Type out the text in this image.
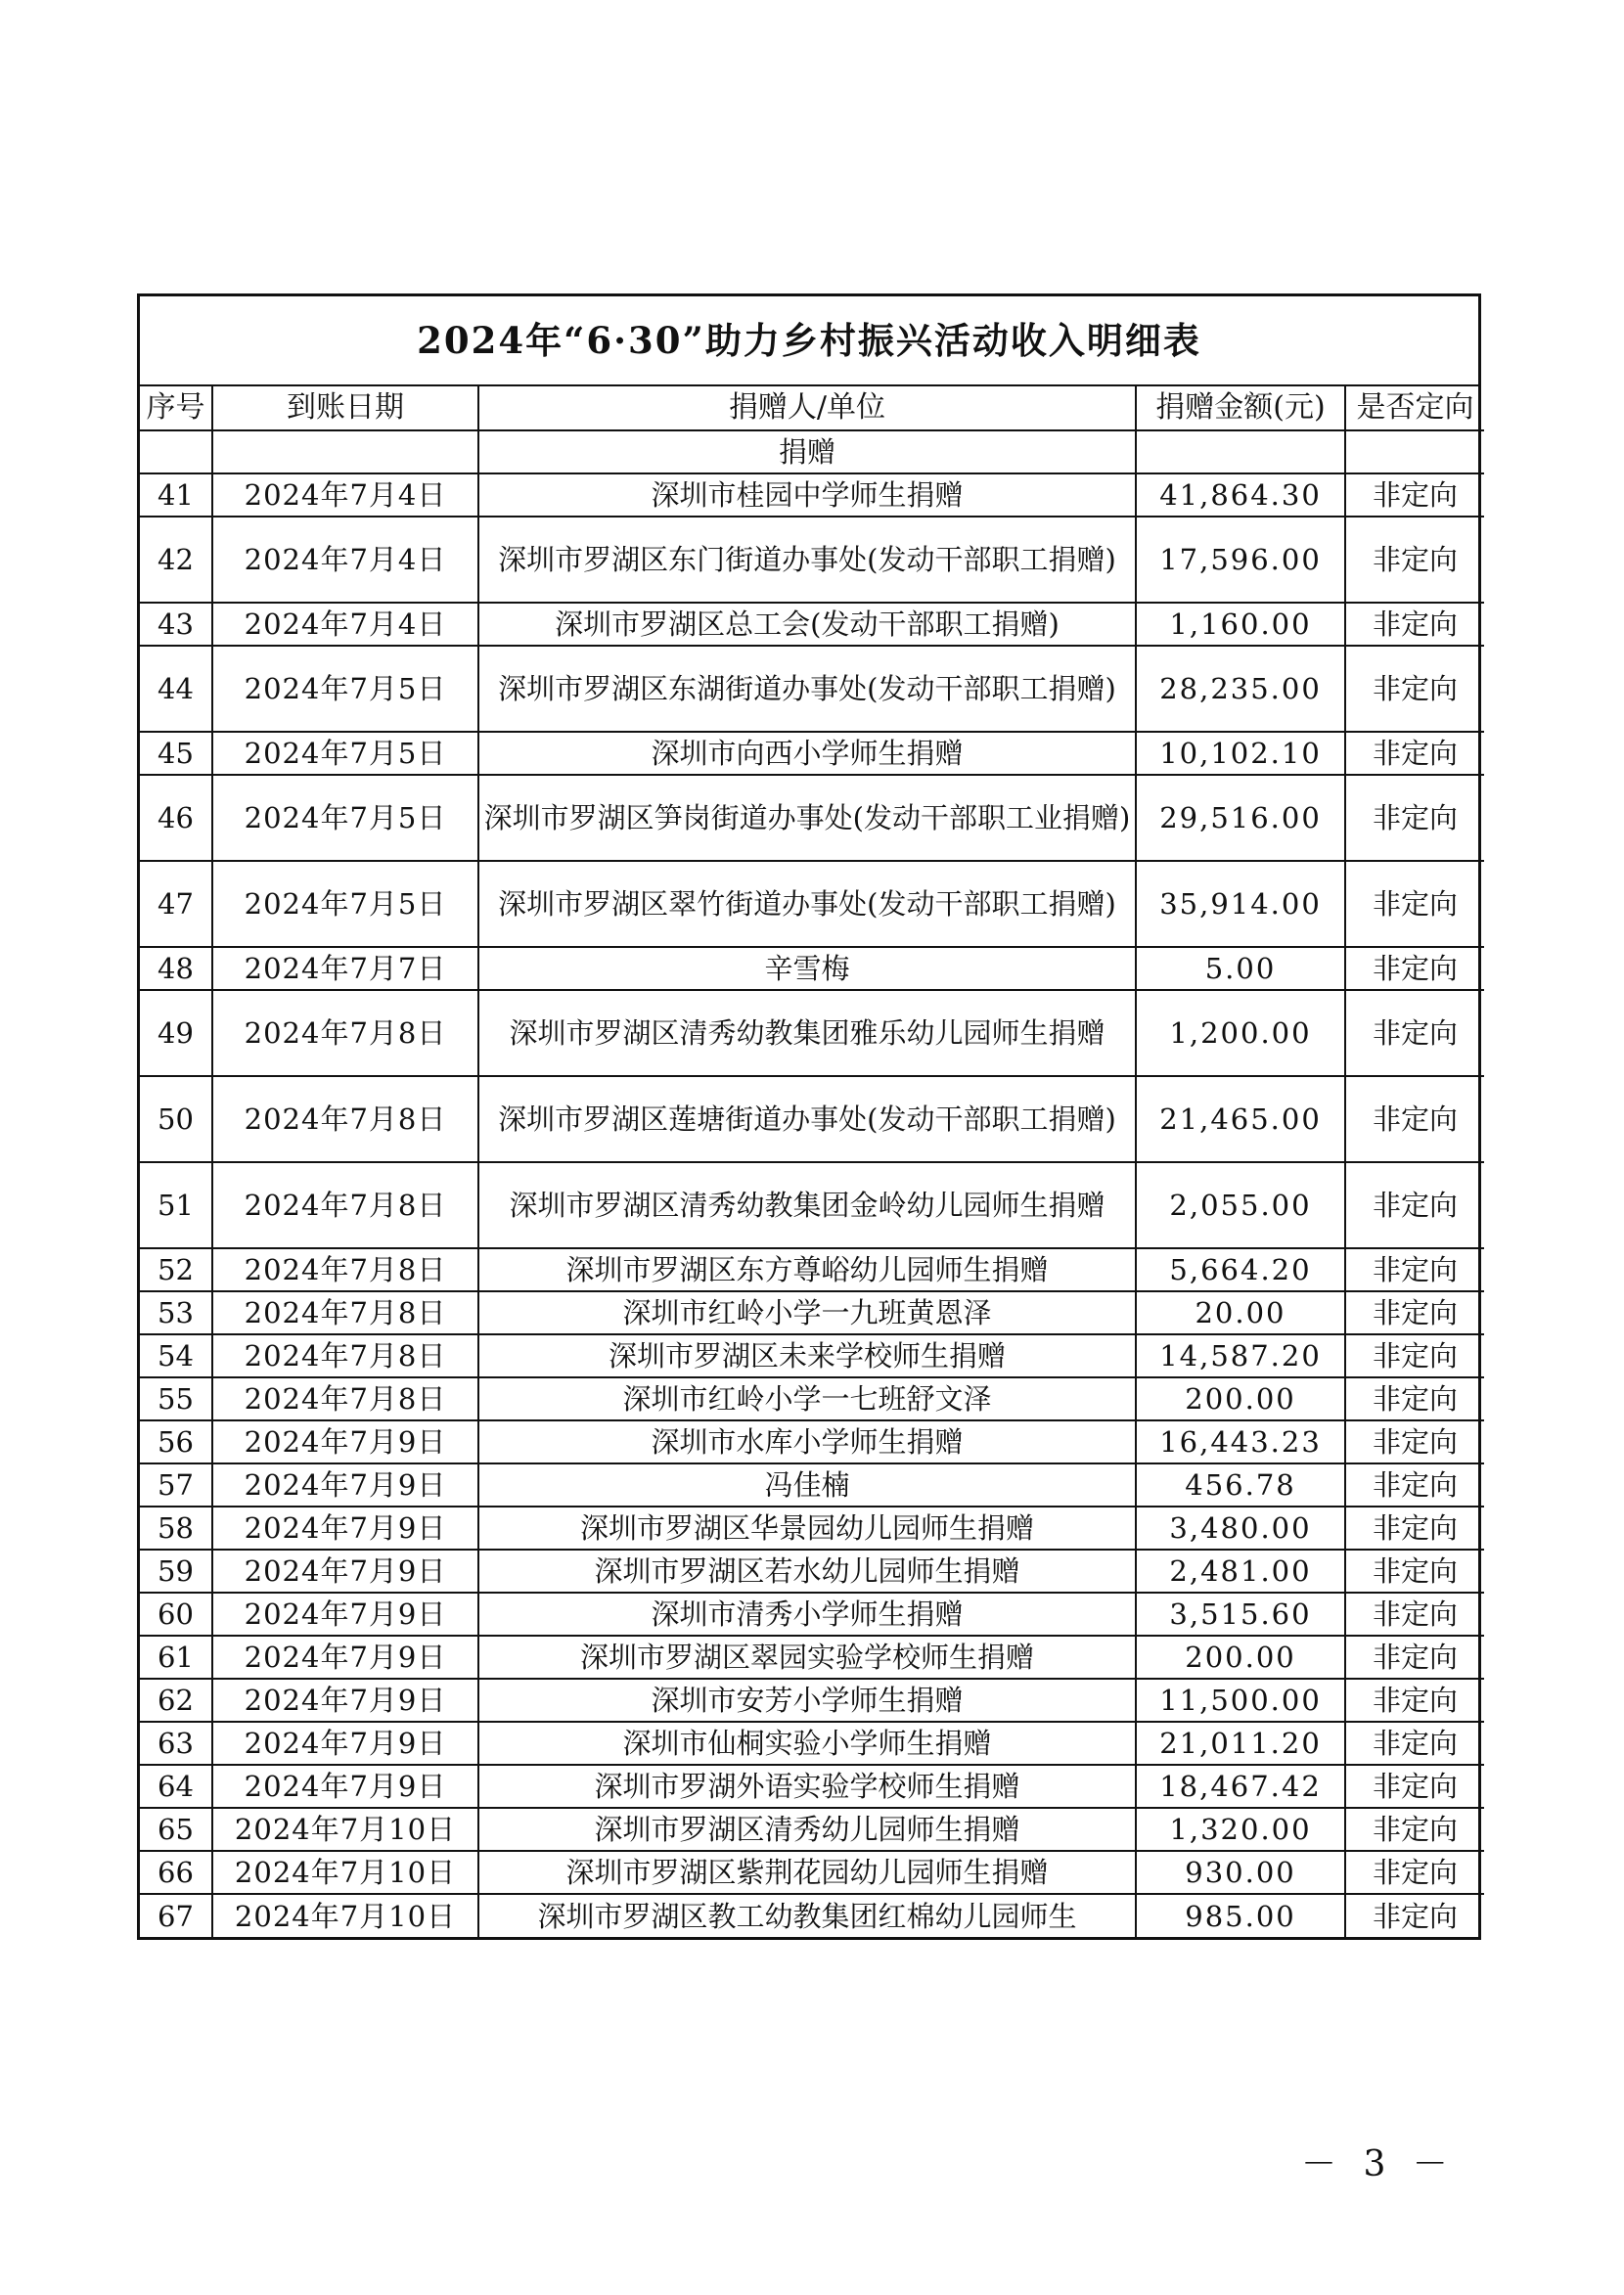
2024年“6·30”助力乡村振兴活动收入明细表
序号	到账日期	捐赠人/单位	捐赠金额(元)	是否定向
		捐赠		
41	2024年7月4日	深圳市桂园中学师生捐赠	41,864.30	非定向
42	2024年7月4日	深圳市罗湖区东门街道办事处(发动干部职工捐赠)	17,596.00	非定向
43	2024年7月4日	深圳市罗湖区总工会(发动干部职工捐赠)	1,160.00	非定向
44	2024年7月5日	深圳市罗湖区东湖街道办事处(发动干部职工捐赠)	28,235.00	非定向
45	2024年7月5日	深圳市向西小学师生捐赠	10,102.10	非定向
46	2024年7月5日	深圳市罗湖区笋岗街道办事处(发动干部职工业捐赠)	29,516.00	非定向
47	2024年7月5日	深圳市罗湖区翠竹街道办事处(发动干部职工捐赠)	35,914.00	非定向
48	2024年7月7日	辛雪梅	5.00	非定向
49	2024年7月8日	深圳市罗湖区清秀幼教集团雅乐幼儿园师生捐赠	1,200.00	非定向
50	2024年7月8日	深圳市罗湖区莲塘街道办事处(发动干部职工捐赠)	21,465.00	非定向
51	2024年7月8日	深圳市罗湖区清秀幼教集团金岭幼儿园师生捐赠	2,055.00	非定向
52	2024年7月8日	深圳市罗湖区东方尊峪幼儿园师生捐赠	5,664.20	非定向
53	2024年7月8日	深圳市红岭小学一九班黄恩泽	20.00	非定向
54	2024年7月8日	深圳市罗湖区未来学校师生捐赠	14,587.20	非定向
55	2024年7月8日	深圳市红岭小学一七班舒文泽	200.00	非定向
56	2024年7月9日	深圳市水库小学师生捐赠	16,443.23	非定向
57	2024年7月9日	冯佳楠	456.78	非定向
58	2024年7月9日	深圳市罗湖区华景园幼儿园师生捐赠	3,480.00	非定向
59	2024年7月9日	深圳市罗湖区若水幼儿园师生捐赠	2,481.00	非定向
60	2024年7月9日	深圳市清秀小学师生捐赠	3,515.60	非定向
61	2024年7月9日	深圳市罗湖区翠园实验学校师生捐赠	200.00	非定向
62	2024年7月9日	深圳市安芳小学师生捐赠	11,500.00	非定向
63	2024年7月9日	深圳市仙桐实验小学师生捐赠	21,011.20	非定向
64	2024年7月9日	深圳市罗湖外语实验学校师生捐赠	18,467.42	非定向
65	2024年7月10日	深圳市罗湖区清秀幼儿园师生捐赠	1,320.00	非定向
66	2024年7月10日	深圳市罗湖区紫荆花园幼儿园师生捐赠	930.00	非定向
67	2024年7月10日	深圳市罗湖区教工幼教集团红棉幼儿园师生	985.00	非定向
－ 3 －
